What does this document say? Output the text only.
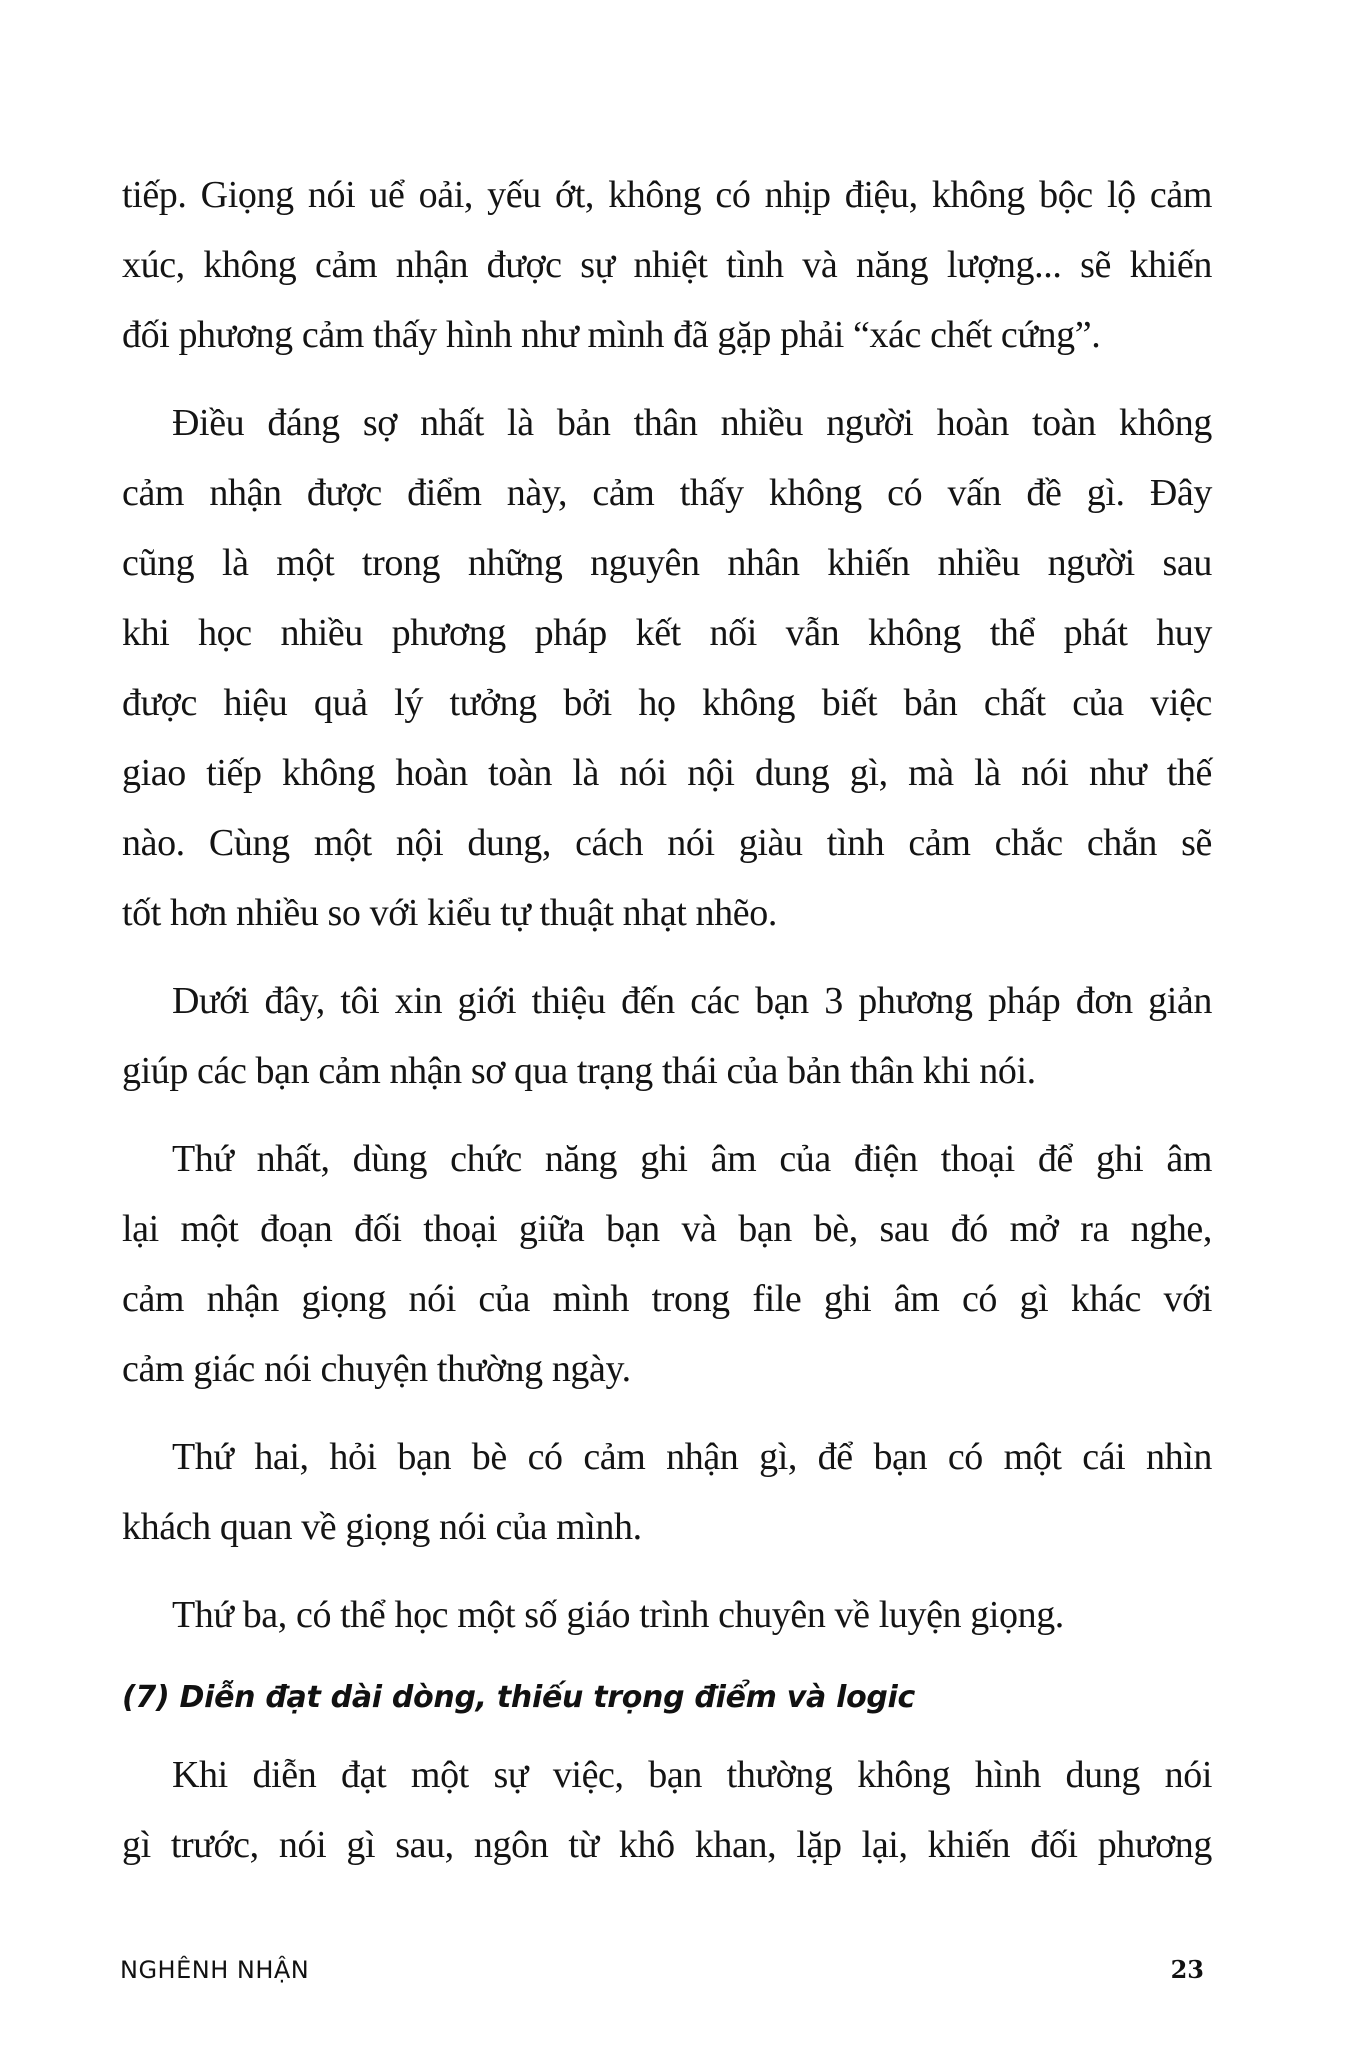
tiếp. Giọng nói uể oải, yếu ớt, không có nhịp điệu, không bộc lộ cảm
xúc, không cảm nhận được sự nhiệt tình và năng lượng... sẽ khiến
đối phương cảm thấy hình như mình đã gặp phải “xác chết cứng”.

Điều đáng sợ nhất là bản thân nhiều người hoàn toàn không
cảm nhận được điểm này, cảm thấy không có vấn đề gì. Đây
cũng là một trong những nguyên nhân khiến nhiều người sau
khi học nhiều phương pháp kết nối vẫn không thể phát huy
được hiệu quả lý tưởng bởi họ không biết bản chất của việc
giao tiếp không hoàn toàn là nói nội dung gì, mà là nói như thế
nào. Cùng một nội dung, cách nói giàu tình cảm chắc chắn sẽ
tốt hơn nhiều so với kiểu tự thuật nhạt nhẽo.

Dưới đây, tôi xin giới thiệu đến các bạn 3 phương pháp đơn giản
giúp các bạn cảm nhận sơ qua trạng thái của bản thân khi nói.

Thứ nhất, dùng chức năng ghi âm của điện thoại để ghi âm
lại một đoạn đối thoại giữa bạn và bạn bè, sau đó mở ra nghe,
cảm nhận giọng nói của mình trong file ghi âm có gì khác với
cảm giác nói chuyện thường ngày.

Thứ hai, hỏi bạn bè có cảm nhận gì, để bạn có một cái nhìn
khách quan về giọng nói của mình.

Thứ ba, có thể học một số giáo trình chuyên về luyện giọng.

(7) Diễn đạt dài dòng, thiếu trọng điểm và logic

Khi diễn đạt một sự việc, bạn thường không hình dung nói
gì trước, nói gì sau, ngôn từ khô khan, lặp lại, khiến đối phương

NGHÊNH NHẬN	23
